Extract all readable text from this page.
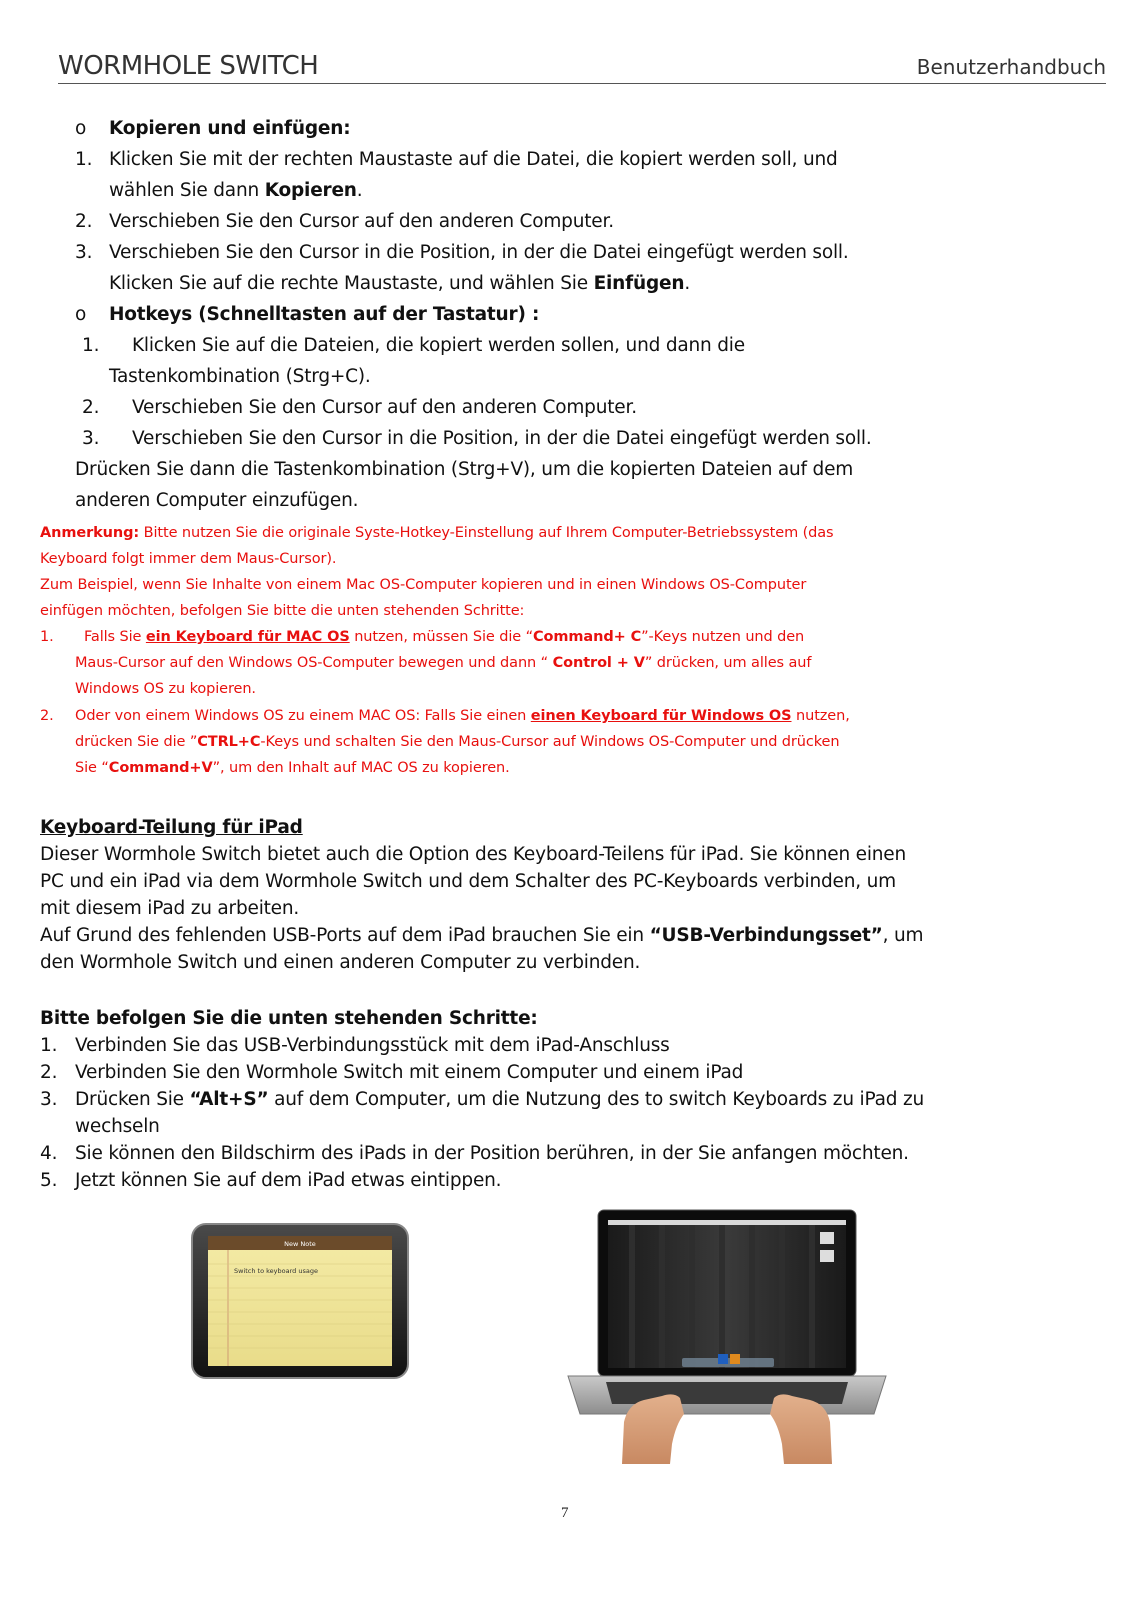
WORMHOLE SWITCH	Benutzerhandbuch
o Kopieren und einfügen:
1. Klicken Sie mit der rechten Maustaste auf die Datei, die kopiert werden soll, und
wählen Sie dann Kopieren.
2. Verschieben Sie den Cursor auf den anderen Computer.
3. Verschieben Sie den Cursor in die Position, in der die Datei eingefügt werden soll.
Klicken Sie auf die rechte Maustaste, und wählen Sie Einfügen.
o Hotkeys (Schnelltasten auf der Tastatur) :
1. Klicken Sie auf die Dateien, die kopiert werden sollen, und dann die
Tastenkombination (Strg+C).
2. Verschieben Sie den Cursor auf den anderen Computer.
3. Verschieben Sie den Cursor in die Position, in der die Datei eingefügt werden soll.
Drücken Sie dann die Tastenkombination (Strg+V), um die kopierten Dateien auf dem
anderen Computer einzufügen.
Anmerkung: Bitte nutzen Sie die originale Syste-Hotkey-Einstellung auf Ihrem Computer-Betriebssystem (das
Keyboard folgt immer dem Maus-Cursor).
Zum Beispiel, wenn Sie Inhalte von einem Mac OS-Computer kopieren und in einen Windows OS-Computer
einfügen möchten, befolgen Sie bitte die unten stehenden Schritte:
1. Falls Sie ein Keyboard für MAC OS nutzen, müssen Sie die “Command+ C”-Keys nutzen und den
Maus-Cursor auf den Windows OS-Computer bewegen und dann “ Control + V” drücken, um alles auf
Windows OS zu kopieren.
2. Oder von einem Windows OS zu einem MAC OS: Falls Sie einen einen Keyboard für Windows OS nutzen,
drücken Sie die ”CTRL+C-Keys und schalten Sie den Maus-Cursor auf Windows OS-Computer und drücken
Sie “Command+V”, um den Inhalt auf MAC OS zu kopieren.
Keyboard-Teilung für iPad
Dieser Wormhole Switch bietet auch die Option des Keyboard-Teilens für iPad. Sie können einen
PC und ein iPad via dem Wormhole Switch und dem Schalter des PC-Keyboards verbinden, um
mit diesem iPad zu arbeiten.
Auf Grund des fehlenden USB-Ports auf dem iPad brauchen Sie ein “USB-Verbindungsset”, um
den Wormhole Switch und einen anderen Computer zu verbinden.
Bitte befolgen Sie die unten stehenden Schritte:
1. Verbinden Sie das USB-Verbindungsstück mit dem iPad-Anschluss
2. Verbinden Sie den Wormhole Switch mit einem Computer und einem iPad
3. Drücken Sie “Alt+S” auf dem Computer, um die Nutzung des to switch Keyboards zu iPad zu
wechseln
4. Sie können den Bildschirm des iPads in der Position berühren, in der Sie anfangen möchten.
5. Jetzt können Sie auf dem iPad etwas eintippen.
New Note
Switch to keyboard usage
7
